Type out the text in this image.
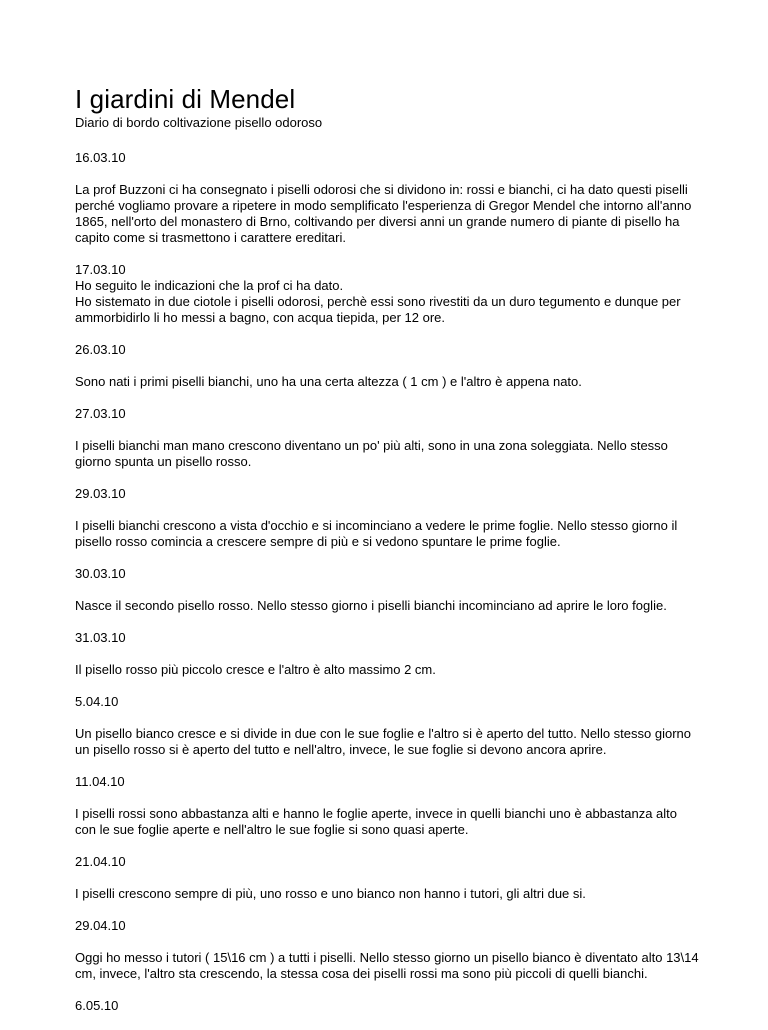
I giardini di Mendel

Diario di bordo coltivazione pisello odoroso

16.03.10

La prof Buzzoni ci ha consegnato i piselli odorosi che si dividono in: rossi e bianchi, ci ha dato questi piselli

perché vogliamo provare a ripetere in modo semplificato l'esperienza di Gregor Mendel che intorno all'anno

1865, nell'orto del monastero di Brno, coltivando per diversi anni un grande numero di piante di pisello ha

capito come si trasmettono i carattere ereditari.

17.03.10

Ho seguito le indicazioni che la prof ci ha dato.

Ho sistemato in due ciotole i piselli odorosi, perchè essi sono rivestiti da un duro tegumento e dunque per

ammorbidirlo li ho messi a bagno, con acqua tiepida, per 12 ore.

26.03.10

Sono nati i primi piselli bianchi, uno ha una certa altezza ( 1 cm ) e l'altro è appena nato.

27.03.10

I piselli bianchi man mano crescono diventano un po' più alti, sono in una zona soleggiata. Nello stesso

giorno spunta un pisello rosso.

29.03.10

I piselli bianchi crescono a vista d'occhio e si incominciano a vedere le prime foglie. Nello stesso giorno il

pisello rosso comincia a crescere sempre di più e si vedono spuntare le prime foglie.

30.03.10

Nasce il secondo pisello rosso. Nello stesso giorno i piselli bianchi incominciano ad aprire le loro foglie.

31.03.10

Il pisello rosso più piccolo cresce e l'altro è alto massimo 2 cm.

5.04.10

Un pisello bianco cresce e si divide in due con le sue foglie e l'altro si è aperto del tutto. Nello stesso giorno

un pisello rosso si è aperto del tutto e nell'altro, invece, le sue foglie si devono ancora aprire.

11.04.10

I piselli rossi sono abbastanza alti e hanno le foglie aperte, invece in quelli bianchi uno è abbastanza alto

con le sue foglie aperte e nell'altro le sue foglie si sono quasi aperte.

21.04.10

I piselli crescono sempre di più, uno rosso e uno bianco non hanno i tutori, gli altri due si.

29.04.10

Oggi ho messo i tutori ( 15\16 cm ) a tutti i piselli. Nello stesso giorno un pisello bianco è diventato alto 13\14

cm, invece, l'altro sta crescendo, la stessa cosa dei piselli rossi ma sono più piccoli di quelli bianchi.

6.05.10
